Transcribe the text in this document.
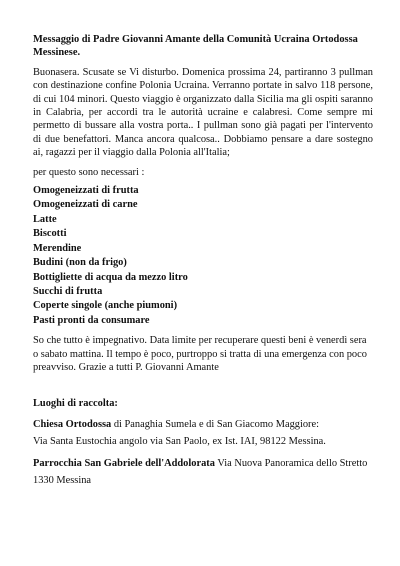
Messaggio di Padre Giovanni Amante della Comunità Ucraina Ortodossa Messinese.

Buonasera. Scusate se Vi disturbo. Domenica prossima 24, partiranno 3 pullman con destinazione confine Polonia Ucraina. Verranno portate in salvo 118 persone, di cui 104 minori. Questo viaggio è organizzato dalla Sicilia ma gli ospiti saranno in Calabria, per accordi tra le autorità ucraine e calabresi. Come sempre mi permetto di bussare alla vostra porta.. I pullman sono già pagati per l'intervento di due benefattori. Manca ancora qualcosa.. Dobbiamo pensare a dare sostegno ai, ragazzi per il viaggio dalla Polonia all'Italia;

per questo sono necessari :

Omogeneizzati di frutta
Omogeneizzati di carne
Latte
Biscotti
Merendine
Budini (non da frigo)
Bottigliette di acqua da mezzo litro
Succhi di frutta
Coperte singole (anche piumoni)
Pasti pronti da consumare

So che tutto è impegnativo. Data limite per recuperare questi beni è venerdì sera o sabato mattina. Il tempo è poco, purtroppo si tratta di una emergenza con poco preavviso. Grazie a tutti P. Giovanni Amante

Luoghi di raccolta:

Chiesa Ortodossa di Panaghia Sumela e di San Giacomo Maggiore:
Via Santa Eustochia angolo via San Paolo, ex Ist. IAI, 98122 Messina.

Parrocchia San Gabriele dell'Addolorata Via Nuova Panoramica dello Stretto 1330 Messina
